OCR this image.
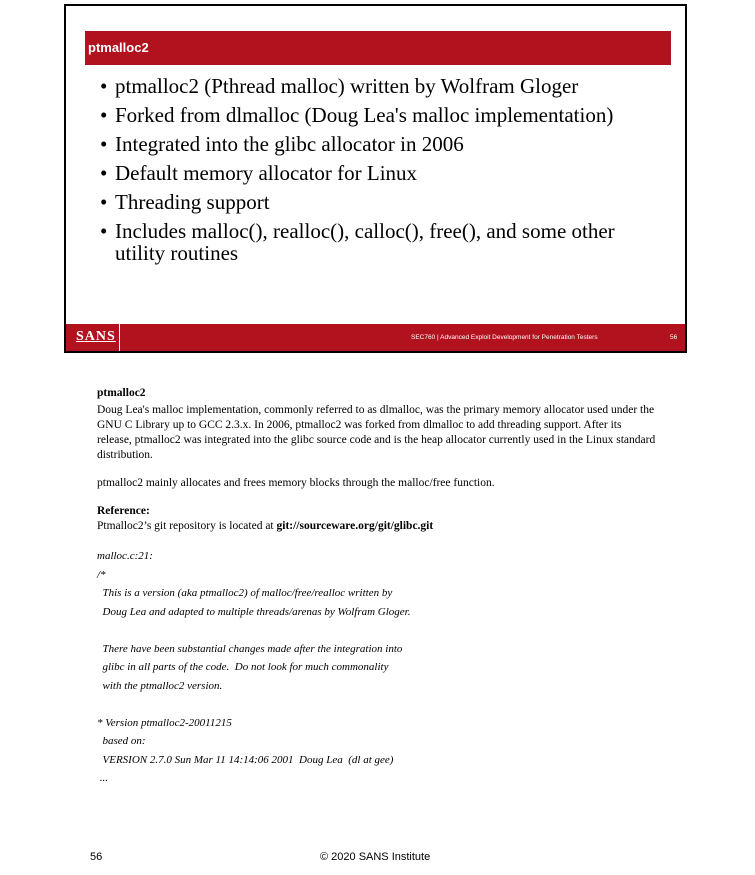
ptmalloc2
• ptmalloc2 (Pthread malloc) written by Wolfram Gloger
• Forked from dlmalloc (Doug Lea's malloc implementation)
• Integrated into the glibc allocator in 2006
• Default memory allocator for Linux
• Threading support
• Includes malloc(), realloc(), calloc(), free(), and some other utility routines
SANS	SEC760 | Advanced Exploit Development for Penetration Testers	56

ptmalloc2

Doug Lea's malloc implementation, commonly referred to as dlmalloc, was the primary memory allocator used under the GNU C Library up to GCC 2.3.x. In 2006, ptmalloc2 was forked from dlmalloc to add threading support. After its release, ptmalloc2 was integrated into the glibc source code and is the heap allocator currently used in the Linux standard distribution.

ptmalloc2 mainly allocates and frees memory blocks through the malloc/free function.

Reference:

Ptmalloc2’s git repository is located at git://sourceware.org/git/glibc.git

malloc.c:21:
/*
This is a version (aka ptmalloc2) of malloc/free/realloc written by
Doug Lea and adapted to multiple threads/arenas by Wolfram Gloger.

There have been substantial changes made after the integration into
glibc in all parts of the code.  Do not look for much commonality
with the ptmalloc2 version.

* Version ptmalloc2-20011215
based on:
VERSION 2.7.0 Sun Mar 11 14:14:06 2001  Doug Lea  (dl at gee)
...
56	© 2020 SANS Institute
